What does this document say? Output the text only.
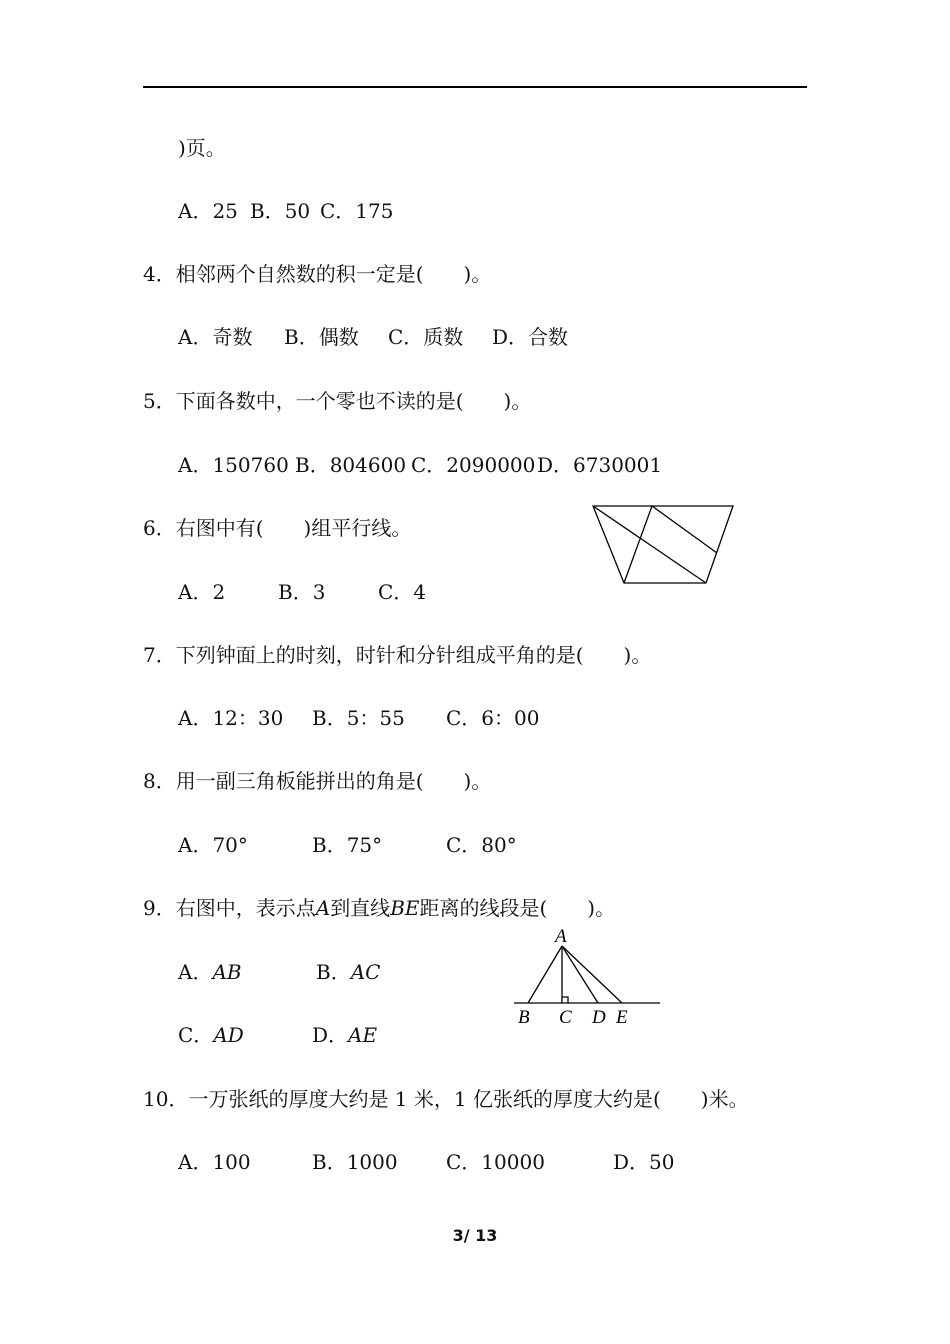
)页。
A．25 B．50 C．175
4．相邻两个自然数的积一定是(　　)。
A．奇数 B．偶数 C．质数 D．合数
5．下面各数中，一个零也不读的是(　　)。
A．150760 B．804600 C．2090000 D．6730001
6．右图中有(　　)组平行线。
A．2	B．3	C．4
7．下列钟面上的时刻，时针和分针组成平角的是(　　)。
A．12：30 B．5：55 C．6：00
8．用一副三角板能拼出的角是(　　)。
A．70°	B．75°	C．80°
9．右图中，表示点A到直线BE距离的线段是(　　)。
A．AB	B．AC
C．AD	D．AE
A
B C D E
10．一万张纸的厚度大约是 1 米，1 亿张纸的厚度大约是(　　)米。
A．100	B．1000 C．10000	D．50
3/ 13
